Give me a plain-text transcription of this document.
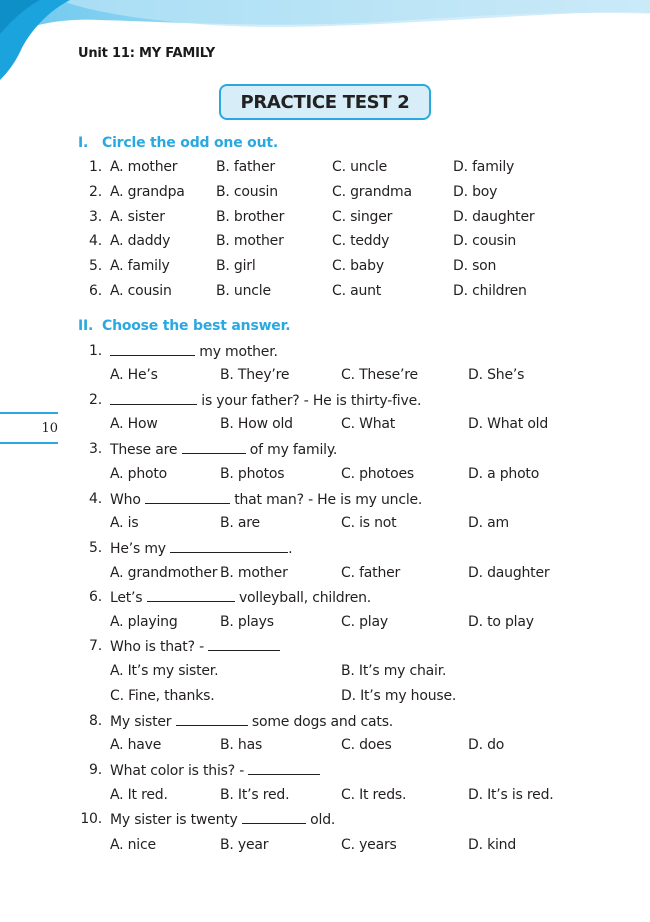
Unit 11: MY FAMILY
PRACTICE TEST 2
10
I. Circle the odd one out.
1. A. mother	B. father	C. uncle	D. family
2. A. grandpa B. cousin	C. grandma	D. boy
3. A. sister	B. brother	C. singer	D. daughter
4. A. daddy	B. mother	C. teddy	D. cousin
5. A. family	B. girl	C. baby	D. son
6. A. cousin	B. uncle	C. aunt	D. children
II. Choose the best answer.
1.	my mother.
A. He’s	B. They’re	C. These’re	D. She’s
2.	is your father? - He is thirty-five.
A. How	B. How old	C. What	D. What old
3. These are	of my family.
A. photo	B. photos	C. photoes	D. a photo
4. Who	that man? - He is my uncle.
A. is	B. are	C. is not	D. am
5. He’s my	.
A. grandmother B. mother	C. father	D. daughter
6. Let’s	volleyball, children.
A. playing	B. plays	C. play	D. to play
7. Who is that? -
A. It’s my sister.	B. It’s my chair.
C. Fine, thanks.	D. It’s my house.
8. My sister	some dogs and cats.
A. have	B. has	C. does	D. do
9. What color is this? -
A. It red.	B. It’s red.	C. It reds.	D. It’s is red.
10. My sister is twenty	old.
A. nice	B. year	C. years	D. kind
